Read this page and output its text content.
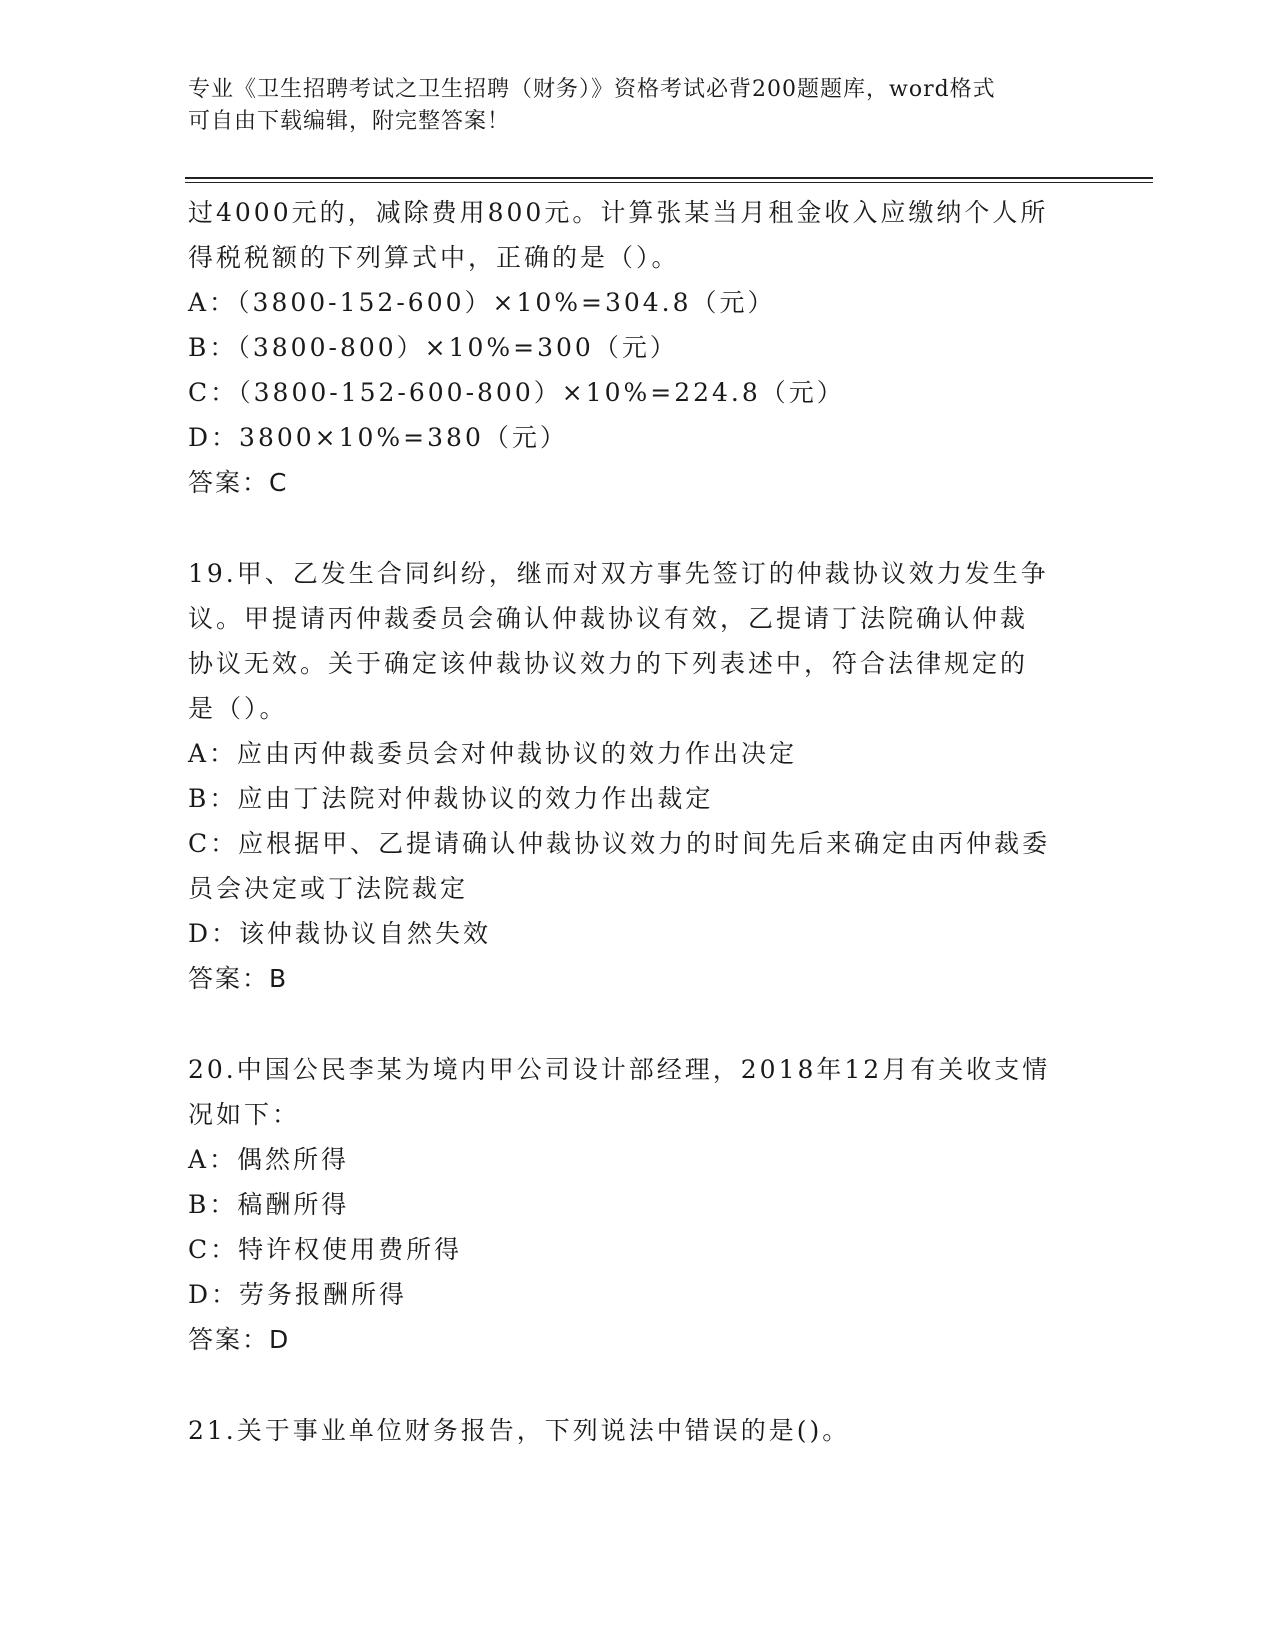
专业《卫生招聘考试之卫生招聘（财务）》资格考试必背200题题库，word格式
可自由下载编辑，附完整答案！
过4000元的，减除费用800元。计算张某当月租金收入应缴纳个人所
得税税额的下列算式中，正确的是（）。
A：（3800-152-600）×10%=304.8（元）
B：（3800-800）×10%=300（元）
C：（3800-152-600-800）×10%=224.8（元）
D：3800×10%=380（元）
答案：C
19.甲、乙发生合同纠纷，继而对双方事先签订的仲裁协议效力发生争
议。甲提请丙仲裁委员会确认仲裁协议有效，乙提请丁法院确认仲裁
协议无效。关于确定该仲裁协议效力的下列表述中，符合法律规定的
是（）。
A：应由丙仲裁委员会对仲裁协议的效力作出决定
B：应由丁法院对仲裁协议的效力作出裁定
C：应根据甲、乙提请确认仲裁协议效力的时间先后来确定由丙仲裁委
员会决定或丁法院裁定
D：该仲裁协议自然失效
答案：B
20.中国公民李某为境内甲公司设计部经理，2018年12月有关收支情
况如下：
A：偶然所得
B：稿酬所得
C：特许权使用费所得
D：劳务报酬所得
答案：D
21.关于事业单位财务报告，下列说法中错误的是()。
